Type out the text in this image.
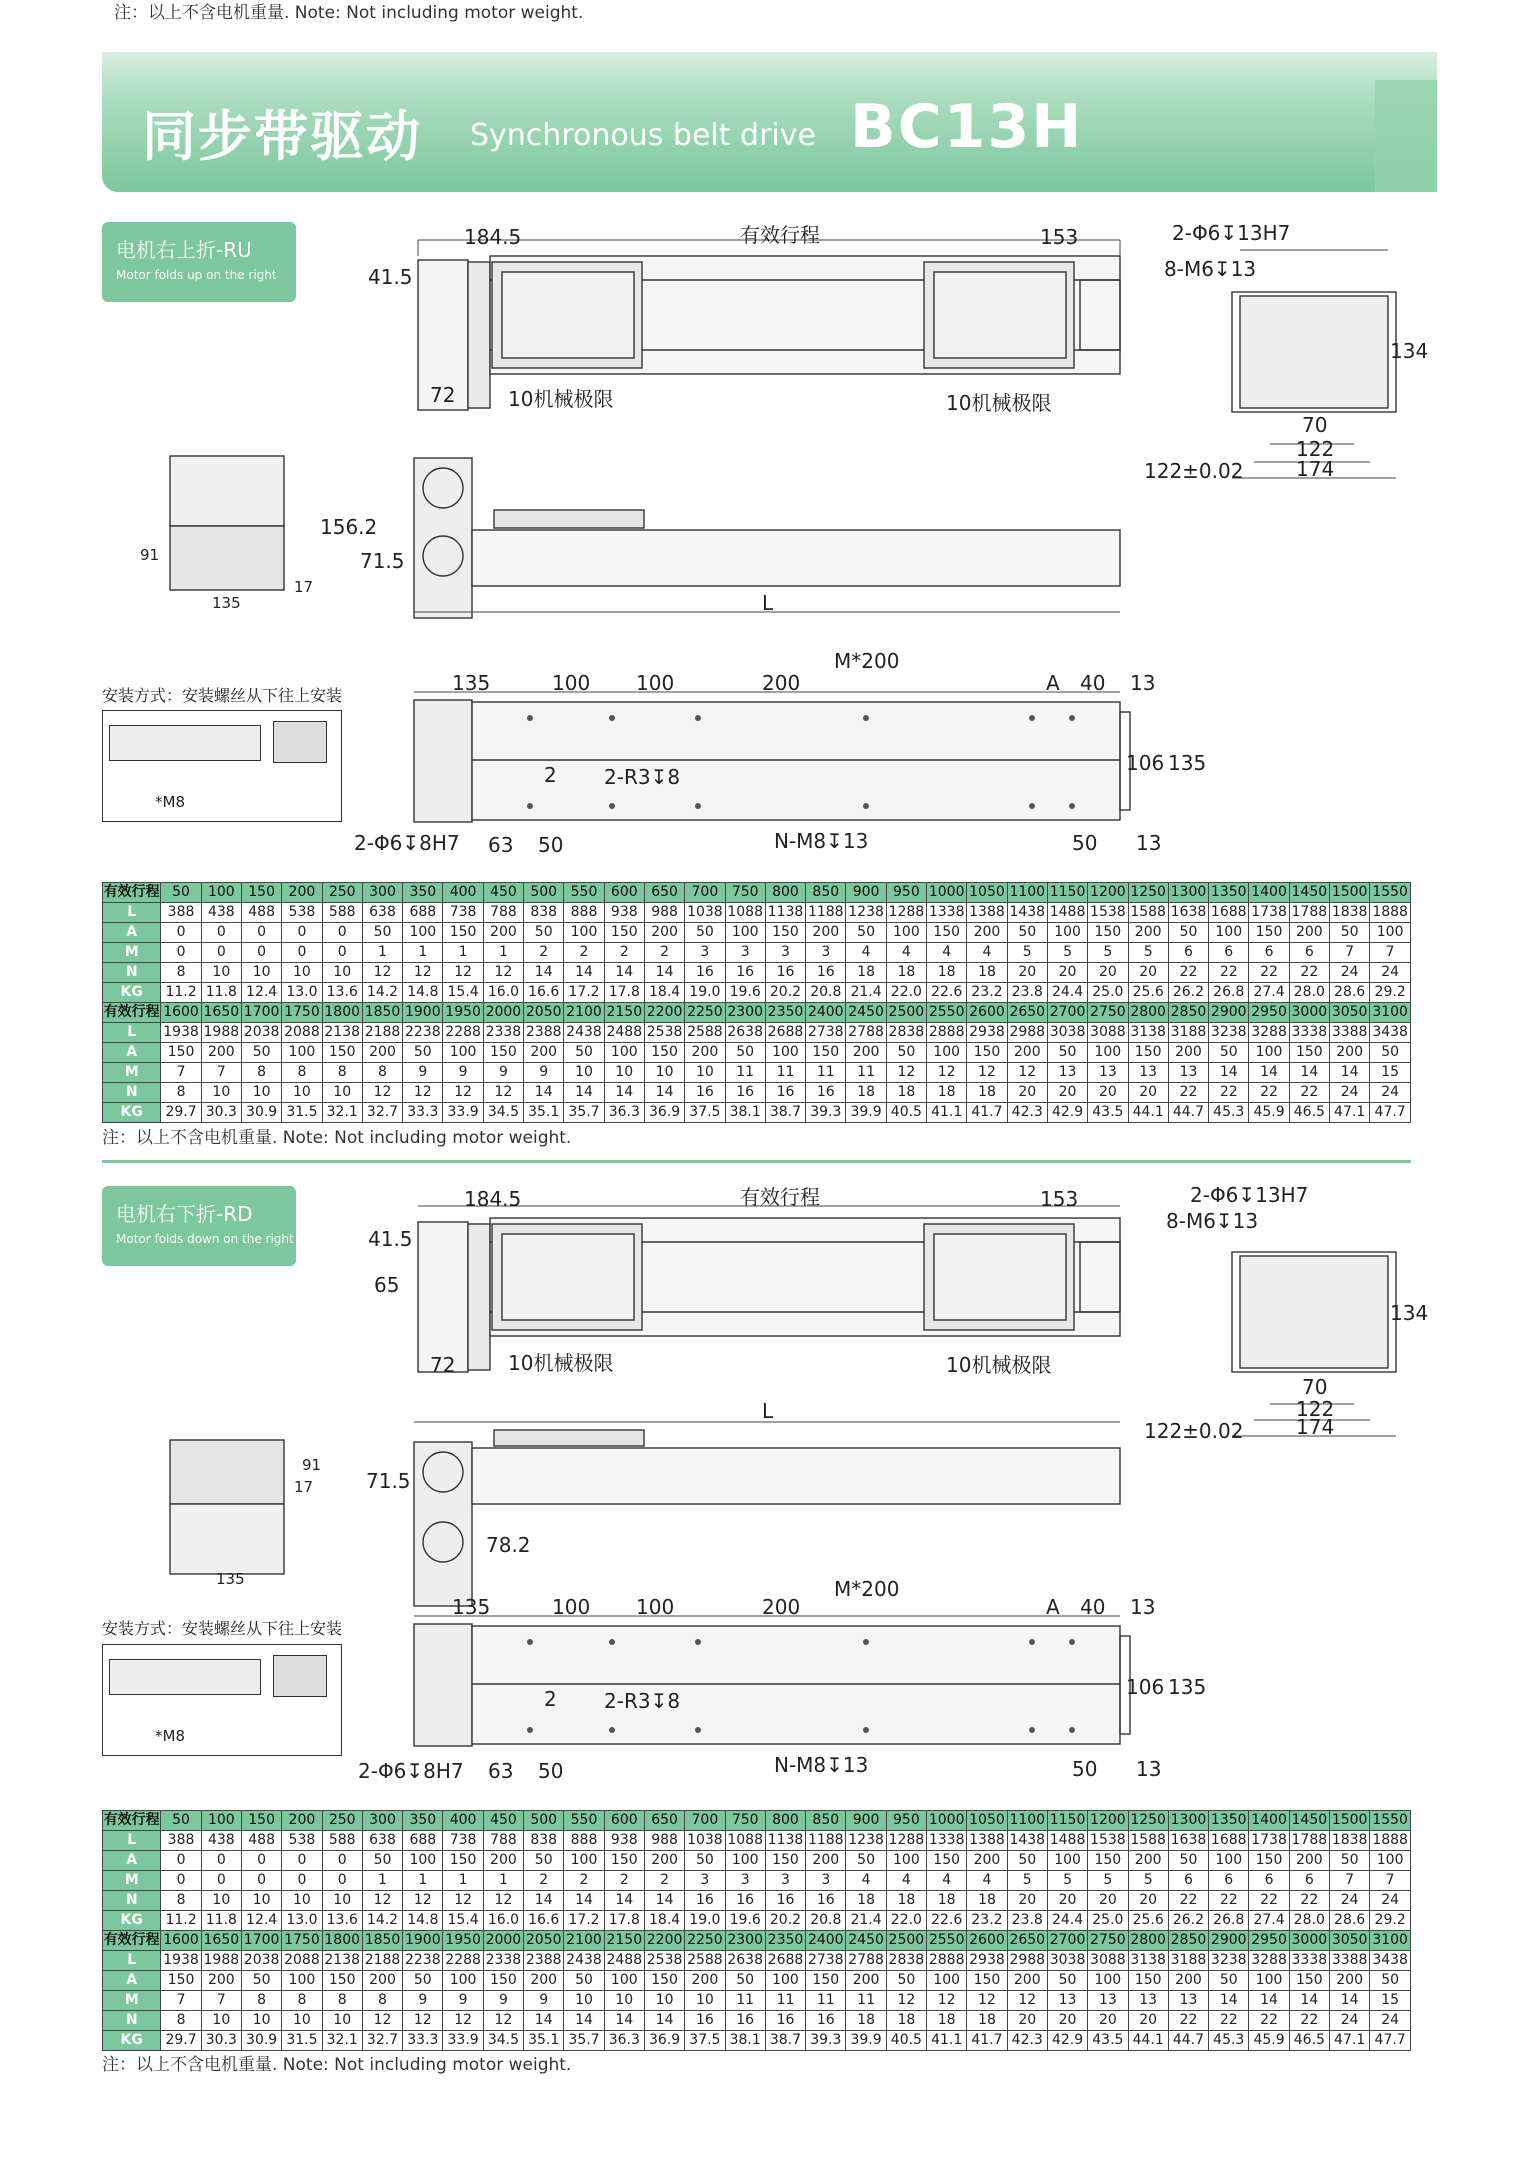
注：以上不含电机重量. Note: Not including motor weight.
同步带驱动 Synchronous belt drive BC13H
电机右上折-RU
Motor folds up on the right
184.5	有效行程	153
41.5
72	10机械极限	10机械极限
2-Φ6↧13H7
8-M6↧13
134
70
122
174
122±0.02
91
17
135
156.2
71.5
L
M*200
135	100 100	200	A 40 13
106 135
2 2-R3↧8
2-Φ6↧8H7 63 50	N-M8↧13	50 13
安装方式：安装螺丝从下往上安装
*M8
有效行程	50	100	150	200	250	300	350	400	450	500	550	600	650	700	750	800	850	900	950	1000	1050	1100	1150	1200	1250	1300	1350	1400	1450	1500	1550
L	388	438	488	538	588	638	688	738	788	838	888	938	988	1038	1088	1138	1188	1238	1288	1338	1388	1438	1488	1538	1588	1638	1688	1738	1788	1838	1888
A	0	0	0	0	0	50	100	150	200	50	100	150	200	50	100	150	200	50	100	150	200	50	100	150	200	50	100	150	200	50	100
M	0	0	0	0	0	1	1	1	1	2	2	2	2	3	3	3	3	4	4	4	4	5	5	5	5	6	6	6	6	7	7
N	8	10	10	10	10	12	12	12	12	14	14	14	14	16	16	16	16	18	18	18	18	20	20	20	20	22	22	22	22	24	24
KG	11.2	11.8	12.4	13.0	13.6	14.2	14.8	15.4	16.0	16.6	17.2	17.8	18.4	19.0	19.6	20.2	20.8	21.4	22.0	22.6	23.2	23.8	24.4	25.0	25.6	26.2	26.8	27.4	28.0	28.6	29.2
有效行程	1600	1650	1700	1750	1800	1850	1900	1950	2000	2050	2100	2150	2200	2250	2300	2350	2400	2450	2500	2550	2600	2650	2700	2750	2800	2850	2900	2950	3000	3050	3100
L	1938	1988	2038	2088	2138	2188	2238	2288	2338	2388	2438	2488	2538	2588	2638	2688	2738	2788	2838	2888	2938	2988	3038	3088	3138	3188	3238	3288	3338	3388	3438
A	150	200	50	100	150	200	50	100	150	200	50	100	150	200	50	100	150	200	50	100	150	200	50	100	150	200	50	100	150	200	50
M	7	7	8	8	8	8	9	9	9	9	10	10	10	10	11	11	11	11	12	12	12	12	13	13	13	13	14	14	14	14	15
N	8	10	10	10	10	12	12	12	12	14	14	14	14	16	16	16	16	18	18	18	18	20	20	20	20	22	22	22	22	24	24
KG	29.7	30.3	30.9	31.5	32.1	32.7	33.3	33.9	34.5	35.1	35.7	36.3	36.9	37.5	38.1	38.7	39.3	39.9	40.5	41.1	41.7	42.3	42.9	43.5	44.1	44.7	45.3	45.9	46.5	47.1	47.7
注：以上不含电机重量. Note: Not including motor weight.
电机右下折-RD
Motor folds down on the right
184.5	有效行程	153
41.5
65
72	10机械极限	10机械极限
2-Φ6↧13H7
8-M6↧13
134
70
122
174
122±0.02
L
91
17
135
71.5
78.2
M*200
135	100 100	200	A 40 13
106 135
2 2-R3↧8
2-Φ6↧8H7 63 50	N-M8↧13	50 13
安装方式：安装螺丝从下往上安装
*M8
有效行程	50	100	150	200	250	300	350	400	450	500	550	600	650	700	750	800	850	900	950	1000	1050	1100	1150	1200	1250	1300	1350	1400	1450	1500	1550
L	388	438	488	538	588	638	688	738	788	838	888	938	988	1038	1088	1138	1188	1238	1288	1338	1388	1438	1488	1538	1588	1638	1688	1738	1788	1838	1888
A	0	0	0	0	0	50	100	150	200	50	100	150	200	50	100	150	200	50	100	150	200	50	100	150	200	50	100	150	200	50	100
M	0	0	0	0	0	1	1	1	1	2	2	2	2	3	3	3	3	4	4	4	4	5	5	5	5	6	6	6	6	7	7
N	8	10	10	10	10	12	12	12	12	14	14	14	14	16	16	16	16	18	18	18	18	20	20	20	20	22	22	22	22	24	24
KG	11.2	11.8	12.4	13.0	13.6	14.2	14.8	15.4	16.0	16.6	17.2	17.8	18.4	19.0	19.6	20.2	20.8	21.4	22.0	22.6	23.2	23.8	24.4	25.0	25.6	26.2	26.8	27.4	28.0	28.6	29.2
有效行程	1600	1650	1700	1750	1800	1850	1900	1950	2000	2050	2100	2150	2200	2250	2300	2350	2400	2450	2500	2550	2600	2650	2700	2750	2800	2850	2900	2950	3000	3050	3100
L	1938	1988	2038	2088	2138	2188	2238	2288	2338	2388	2438	2488	2538	2588	2638	2688	2738	2788	2838	2888	2938	2988	3038	3088	3138	3188	3238	3288	3338	3388	3438
A	150	200	50	100	150	200	50	100	150	200	50	100	150	200	50	100	150	200	50	100	150	200	50	100	150	200	50	100	150	200	50
M	7	7	8	8	8	8	9	9	9	9	10	10	10	10	11	11	11	11	12	12	12	12	13	13	13	13	14	14	14	14	15
N	8	10	10	10	10	12	12	12	12	14	14	14	14	16	16	16	16	18	18	18	18	20	20	20	20	22	22	22	22	24	24
KG	29.7	30.3	30.9	31.5	32.1	32.7	33.3	33.9	34.5	35.1	35.7	36.3	36.9	37.5	38.1	38.7	39.3	39.9	40.5	41.1	41.7	42.3	42.9	43.5	44.1	44.7	45.3	45.9	46.5	47.1	47.7
注：以上不含电机重量. Note: Not including motor weight.
